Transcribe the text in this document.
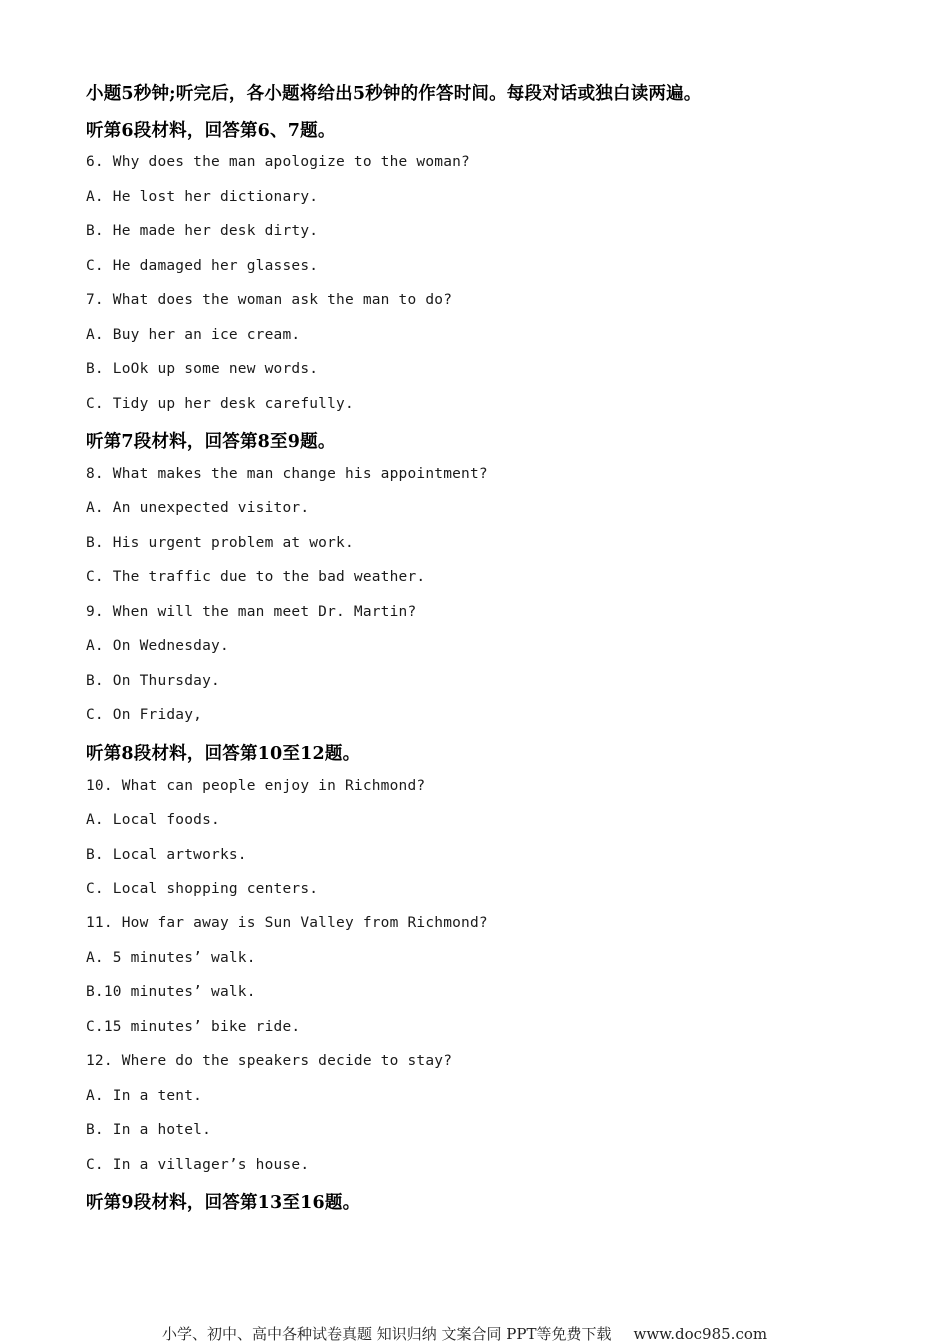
小题5秒钟;听完后，各小题将给出5秒钟的作答时间。每段对话或独白读两遍。
听第6段材料，回答第6、7题。
6. Why does the man apologize to the woman?
A. He lost her dictionary.
B. He made her desk dirty.
C. He damaged her glasses.
7. What does the woman ask the man to do?
A. Buy her an ice cream.
B. LoOk up some new words.
C. Tidy up her desk carefully.
听第7段材料，回答第8至9题。
8. What makes the man change his appointment?
A. An unexpected visitor.
B. His urgent problem at work.
C. The traffic due to the bad weather.
9. When will the man meet Dr. Martin?
A. On Wednesday.
B. On Thursday.
C. On Friday,
听第8段材料，回答第10至12题。
10. What can people enjoy in Richmond?
A. Local foods.
B. Local artworks.
C. Local shopping centers.
11. How far away is Sun Valley from Richmond?
A. 5 minutes’ walk.
B.10 minutes’ walk.
C.15 minutes’ bike ride.
12. Where do the speakers decide to stay?
A. In a tent.
B. In a hotel.
C. In a villager’s house.
听第9段材料，回答第13至16题。
小学、初中、高中各种试卷真题 知识归纳 文案合同 PPT等免费下载 www.doc985.com
